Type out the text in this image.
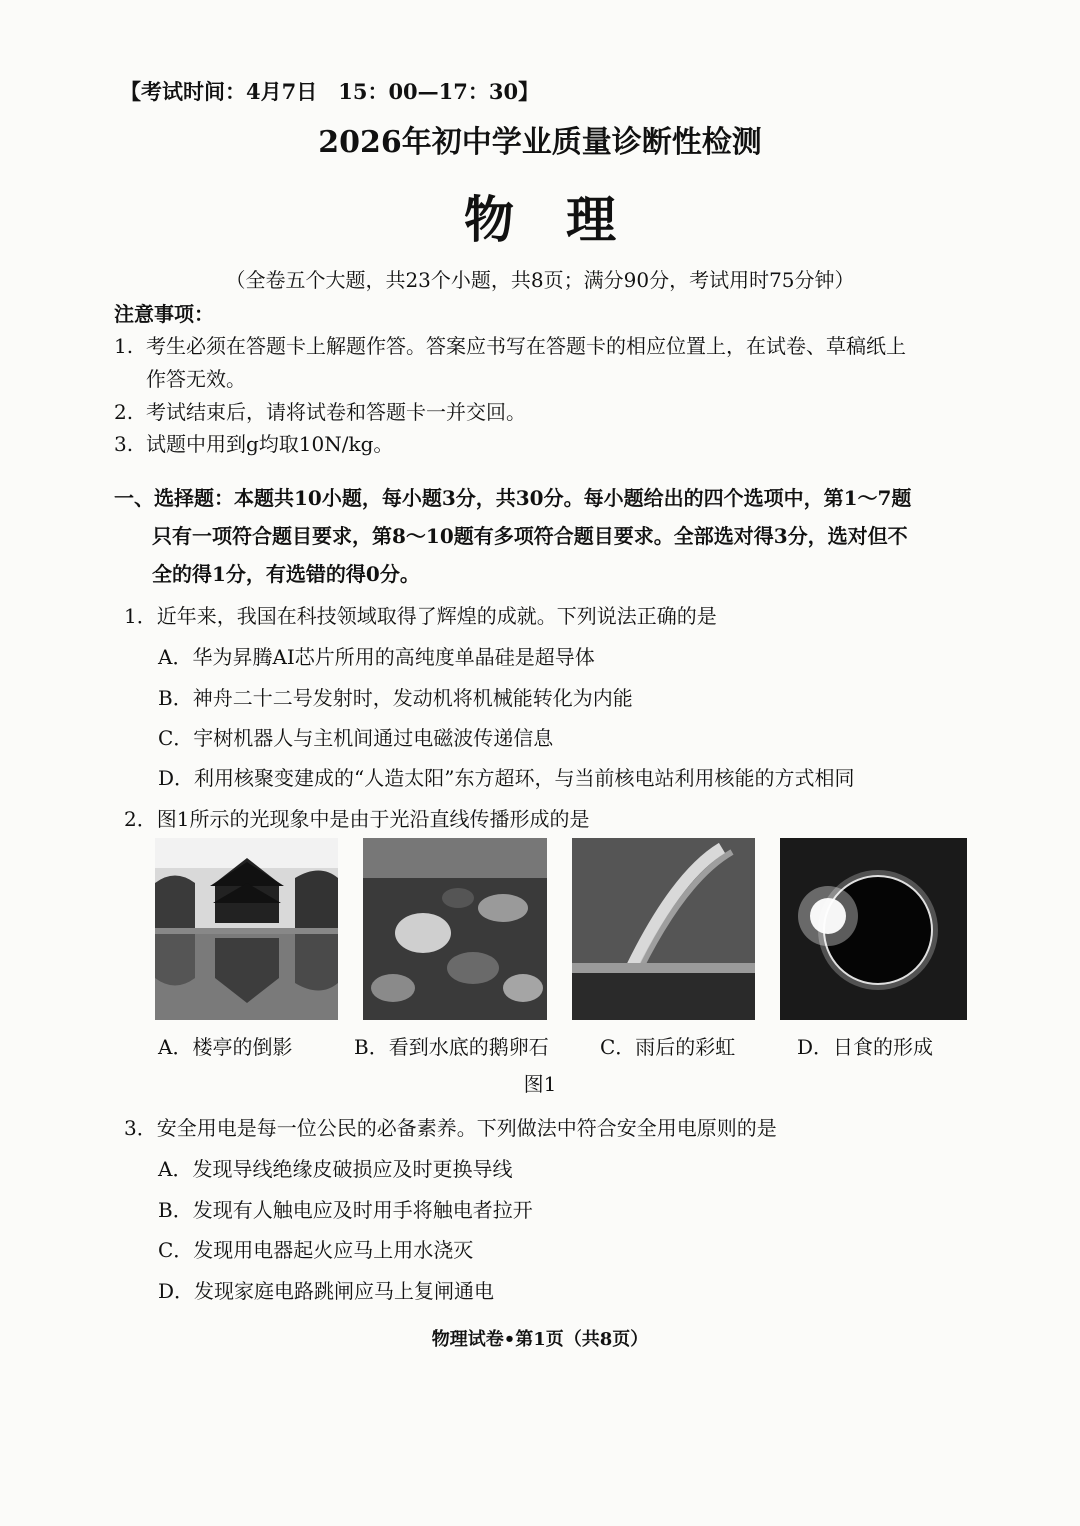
【考试时间：4月7日　15：00—17：30】
2026年初中学业质量诊断性检测
物理
（全卷五个大题，共23个小题，共8页；满分90分，考试用时75分钟）
注意事项：
1. 考生必须在答题卡上解题作答。答案应书写在答题卡的相应位置上，在试卷、草稿纸上
作答无效。
2. 考试结束后，请将试卷和答题卡一并交回。
3. 试题中用到g均取10N/kg。
一、选择题：本题共10小题，每小题3分，共30分。每小题给出的四个选项中，第1～7题
只有一项符合题目要求，第8～10题有多项符合题目要求。全部选对得3分，选对但不
全的得1分，有选错的得0分。
1．近年来，我国在科技领域取得了辉煌的成就。下列说法正确的是
A．华为昇腾AI芯片所用的高纯度单晶硅是超导体
B．神舟二十二号发射时，发动机将机械能转化为内能
C．宇树机器人与主机间通过电磁波传递信息
D．利用核聚变建成的“人造太阳”东方超环，与当前核电站利用核能的方式相同
2．图1所示的光现象中是由于光沿直线传播形成的是
A．楼亭的倒影	B．看到水底的鹅卵石	C．雨后的彩虹	D．日食的形成
图1
3．安全用电是每一位公民的必备素养。下列做法中符合安全用电原则的是
A．发现导线绝缘皮破损应及时更换导线
B．发现有人触电应及时用手将触电者拉开
C．发现用电器起火应马上用水浇灭
D．发现家庭电路跳闸应马上复闸通电
物理试卷•第1页（共8页）
